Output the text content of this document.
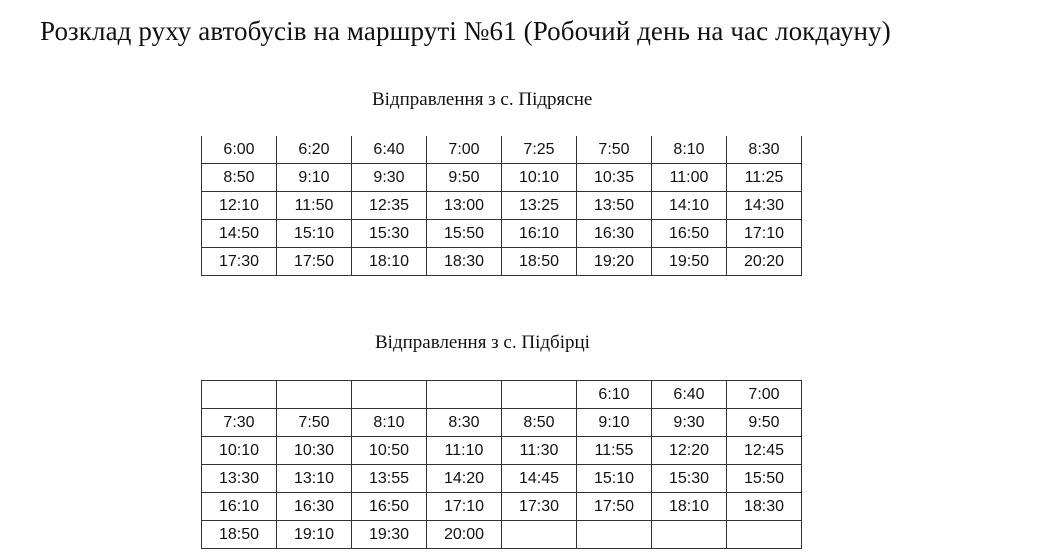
Розклад руху автобусів на маршруті №61 (Робочий день на час локдауну)
Відправлення з с. Підрясне
6:00	6:20	6:40	7:00	7:25	7:50	8:10	8:30
8:50	9:10	9:30	9:50	10:10	10:35	11:00	11:25
12:10	11:50	12:35	13:00	13:25	13:50	14:10	14:30
14:50	15:10	15:30	15:50	16:10	16:30	16:50	17:10
17:30	17:50	18:10	18:30	18:50	19:20	19:50	20:20
Відправлення з с. Підбірці
					6:10	6:40	7:00
7:30	7:50	8:10	8:30	8:50	9:10	9:30	9:50
10:10	10:30	10:50	11:10	11:30	11:55	12:20	12:45
13:30	13:10	13:55	14:20	14:45	15:10	15:30	15:50
16:10	16:30	16:50	17:10	17:30	17:50	18:10	18:30
18:50	19:10	19:30	20:00				
